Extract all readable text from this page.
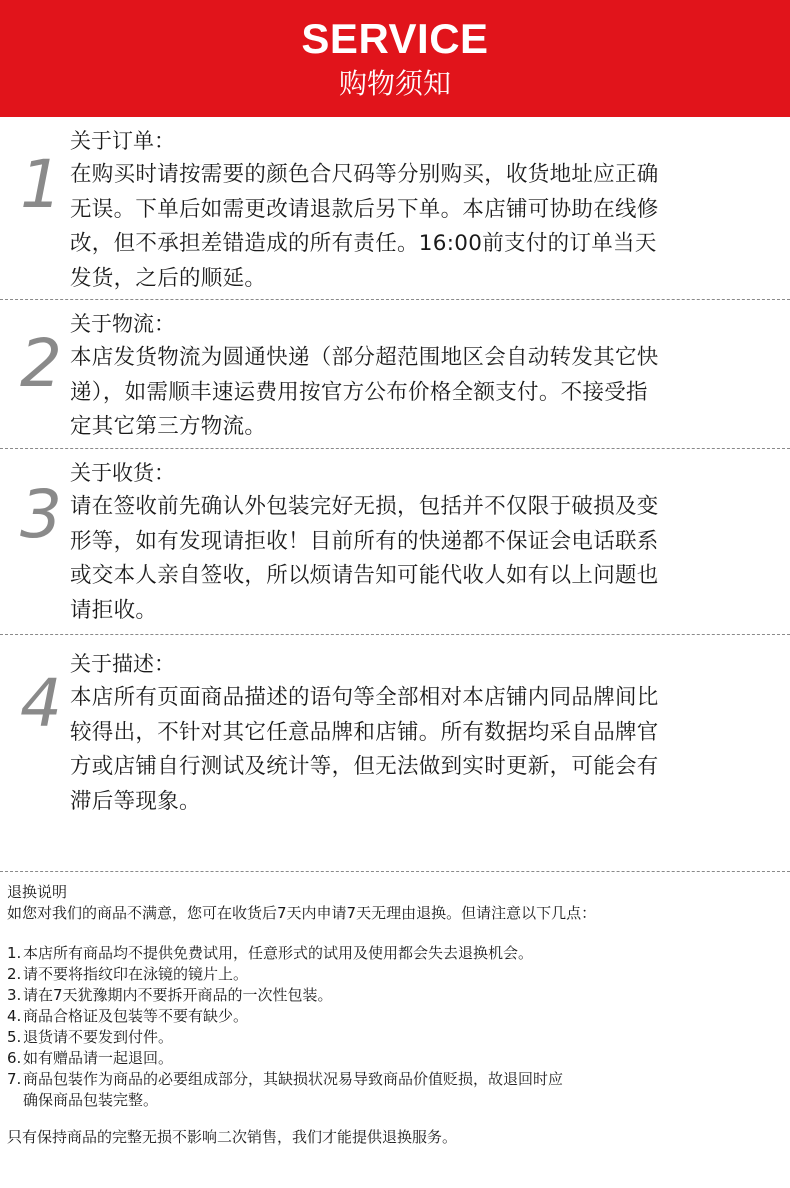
SERVICE
购物须知
1
关于订单：
在购买时请按需要的颜色合尺码等分别购买，收货地址应正确
无误。下单后如需更改请退款后另下单。本店铺可协助在线修
改，但不承担差错造成的所有责任。16:00前支付的订单当天
发货，之后的顺延。
2
关于物流：
本店发货物流为圆通快递（部分超范围地区会自动转发其它快
递），如需顺丰速运费用按官方公布价格全额支付。不接受指
定其它第三方物流。
3
关于收货：
请在签收前先确认外包装完好无损，包括并不仅限于破损及变
形等，如有发现请拒收！目前所有的快递都不保证会电话联系
或交本人亲自签收，所以烦请告知可能代收人如有以上问题也
请拒收。
4
关于描述：
本店所有页面商品描述的语句等全部相对本店铺内同品牌间比
较得出，不针对其它任意品牌和店铺。所有数据均采自品牌官
方或店铺自行测试及统计等，但无法做到实时更新，可能会有
滞后等现象。
退换说明
如您对我们的商品不满意，您可在收货后7天内申请7天无理由退换。但请注意以下几点：
1. 本店所有商品均不提供免费试用，任意形式的试用及使用都会失去退换机会。
2. 请不要将指纹印在泳镜的镜片上。
3. 请在7天犹豫期内不要拆开商品的一次性包装。
4. 商品合格证及包装等不要有缺少。
5. 退货请不要发到付件。
6. 如有赠品请一起退回。
7. 商品包装作为商品的必要组成部分，其缺损状况易导致商品价值贬损，故退回时应
确保商品包装完整。
只有保持商品的完整无损不影响二次销售，我们才能提供退换服务。
